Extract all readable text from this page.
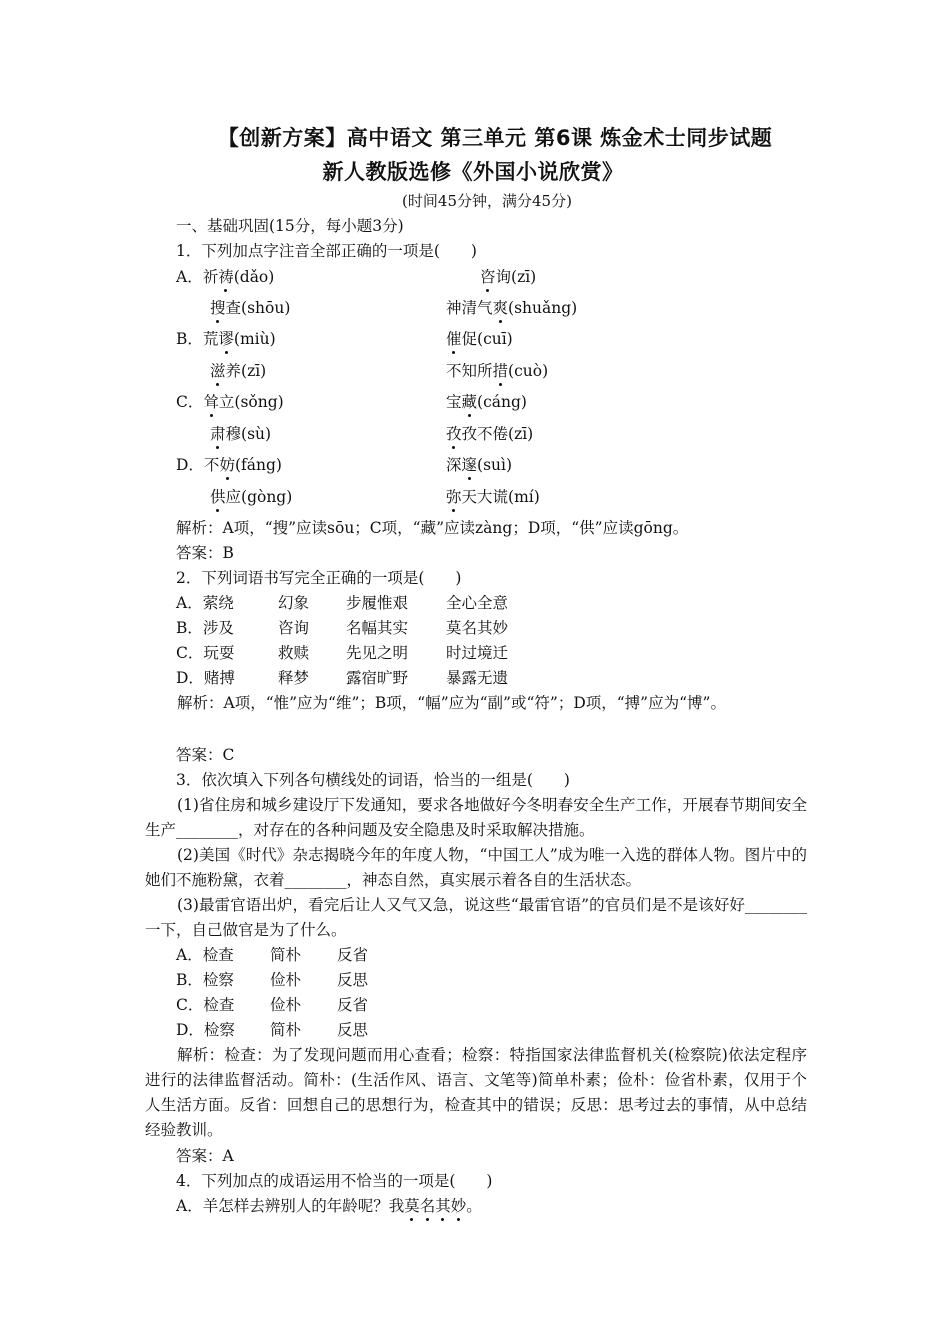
【创新方案】高中语文 第三单元 第6课 炼金术士同步试题
新人教版选修《外国小说欣赏》
(时间45分钟，满分45分)
一、基础巩固(15分，每小题3分)
1．下列加点字注音全部正确的一项是(　　)
A．祈祷(dǎo)	咨询(zī)
搜查(shōu)	神清气爽(shuǎng)
B．荒谬(miù)	催促(cuī)
滋养(zī)	不知所措(cuò)
C．耸立(sǒng)	宝藏(cáng)
肃穆(sù)	孜孜不倦(zī)
D．不妨(fáng)	深邃(suì)
供应(gòng)	弥天大谎(mí)
解析：A项，“搜”应读sōu；C项，“藏”应读zàng；D项，“供”应读gōng。
答案：B
2．下列词语书写完全正确的一项是(　　)
A．萦绕	幻象 步履惟艰 全心全意
B．涉及	咨询 名幅其实 莫名其妙
C．玩耍	救赎 先见之明 时过境迁
D．赌搏	释梦 露宿旷野 暴露无遗

解析：A项，“惟”应为“维”；B项，“幅”应为“副”或“符”；D项，“搏”应为“博”。

答案：C
3．依次填入下列各句横线处的词语，恰当的一组是(　　)

(1)省住房和城乡建设厅下发通知，要求各地做好今冬明春安全生产工作，开展春节期间安全生产________，对存在的各种问题及安全隐患及时采取解决措施。

(2)美国《时代》杂志揭晓今年的年度人物，“中国工人”成为唯一入选的群体人物。图片中的她们不施粉黛，衣着________，神态自然，真实展示着各自的生活状态。

(3)最雷官语出炉，看完后让人又气又急，说这些“最雷官语”的官员们是不是该好好________一下，自己做官是为了什么。

A．检查 简朴 反省
B．检察 俭朴 反思
C．检查 俭朴 反省
D．检察 简朴 反思

解析：检查：为了发现问题而用心查看；检察：特指国家法律监督机关(检察院)依法定程序进行的法律监督活动。简朴：(生活作风、语言、文笔等)简单朴素；俭朴：俭省朴素，仅用于个人生活方面。反省：回想自己的思想行为，检查其中的错误；反思：思考过去的事情，从中总结经验教训。

答案：A
4．下列加点的成语运用不恰当的一项是(　　)
A．羊怎样去辨别人的年龄呢？我莫名其妙。
